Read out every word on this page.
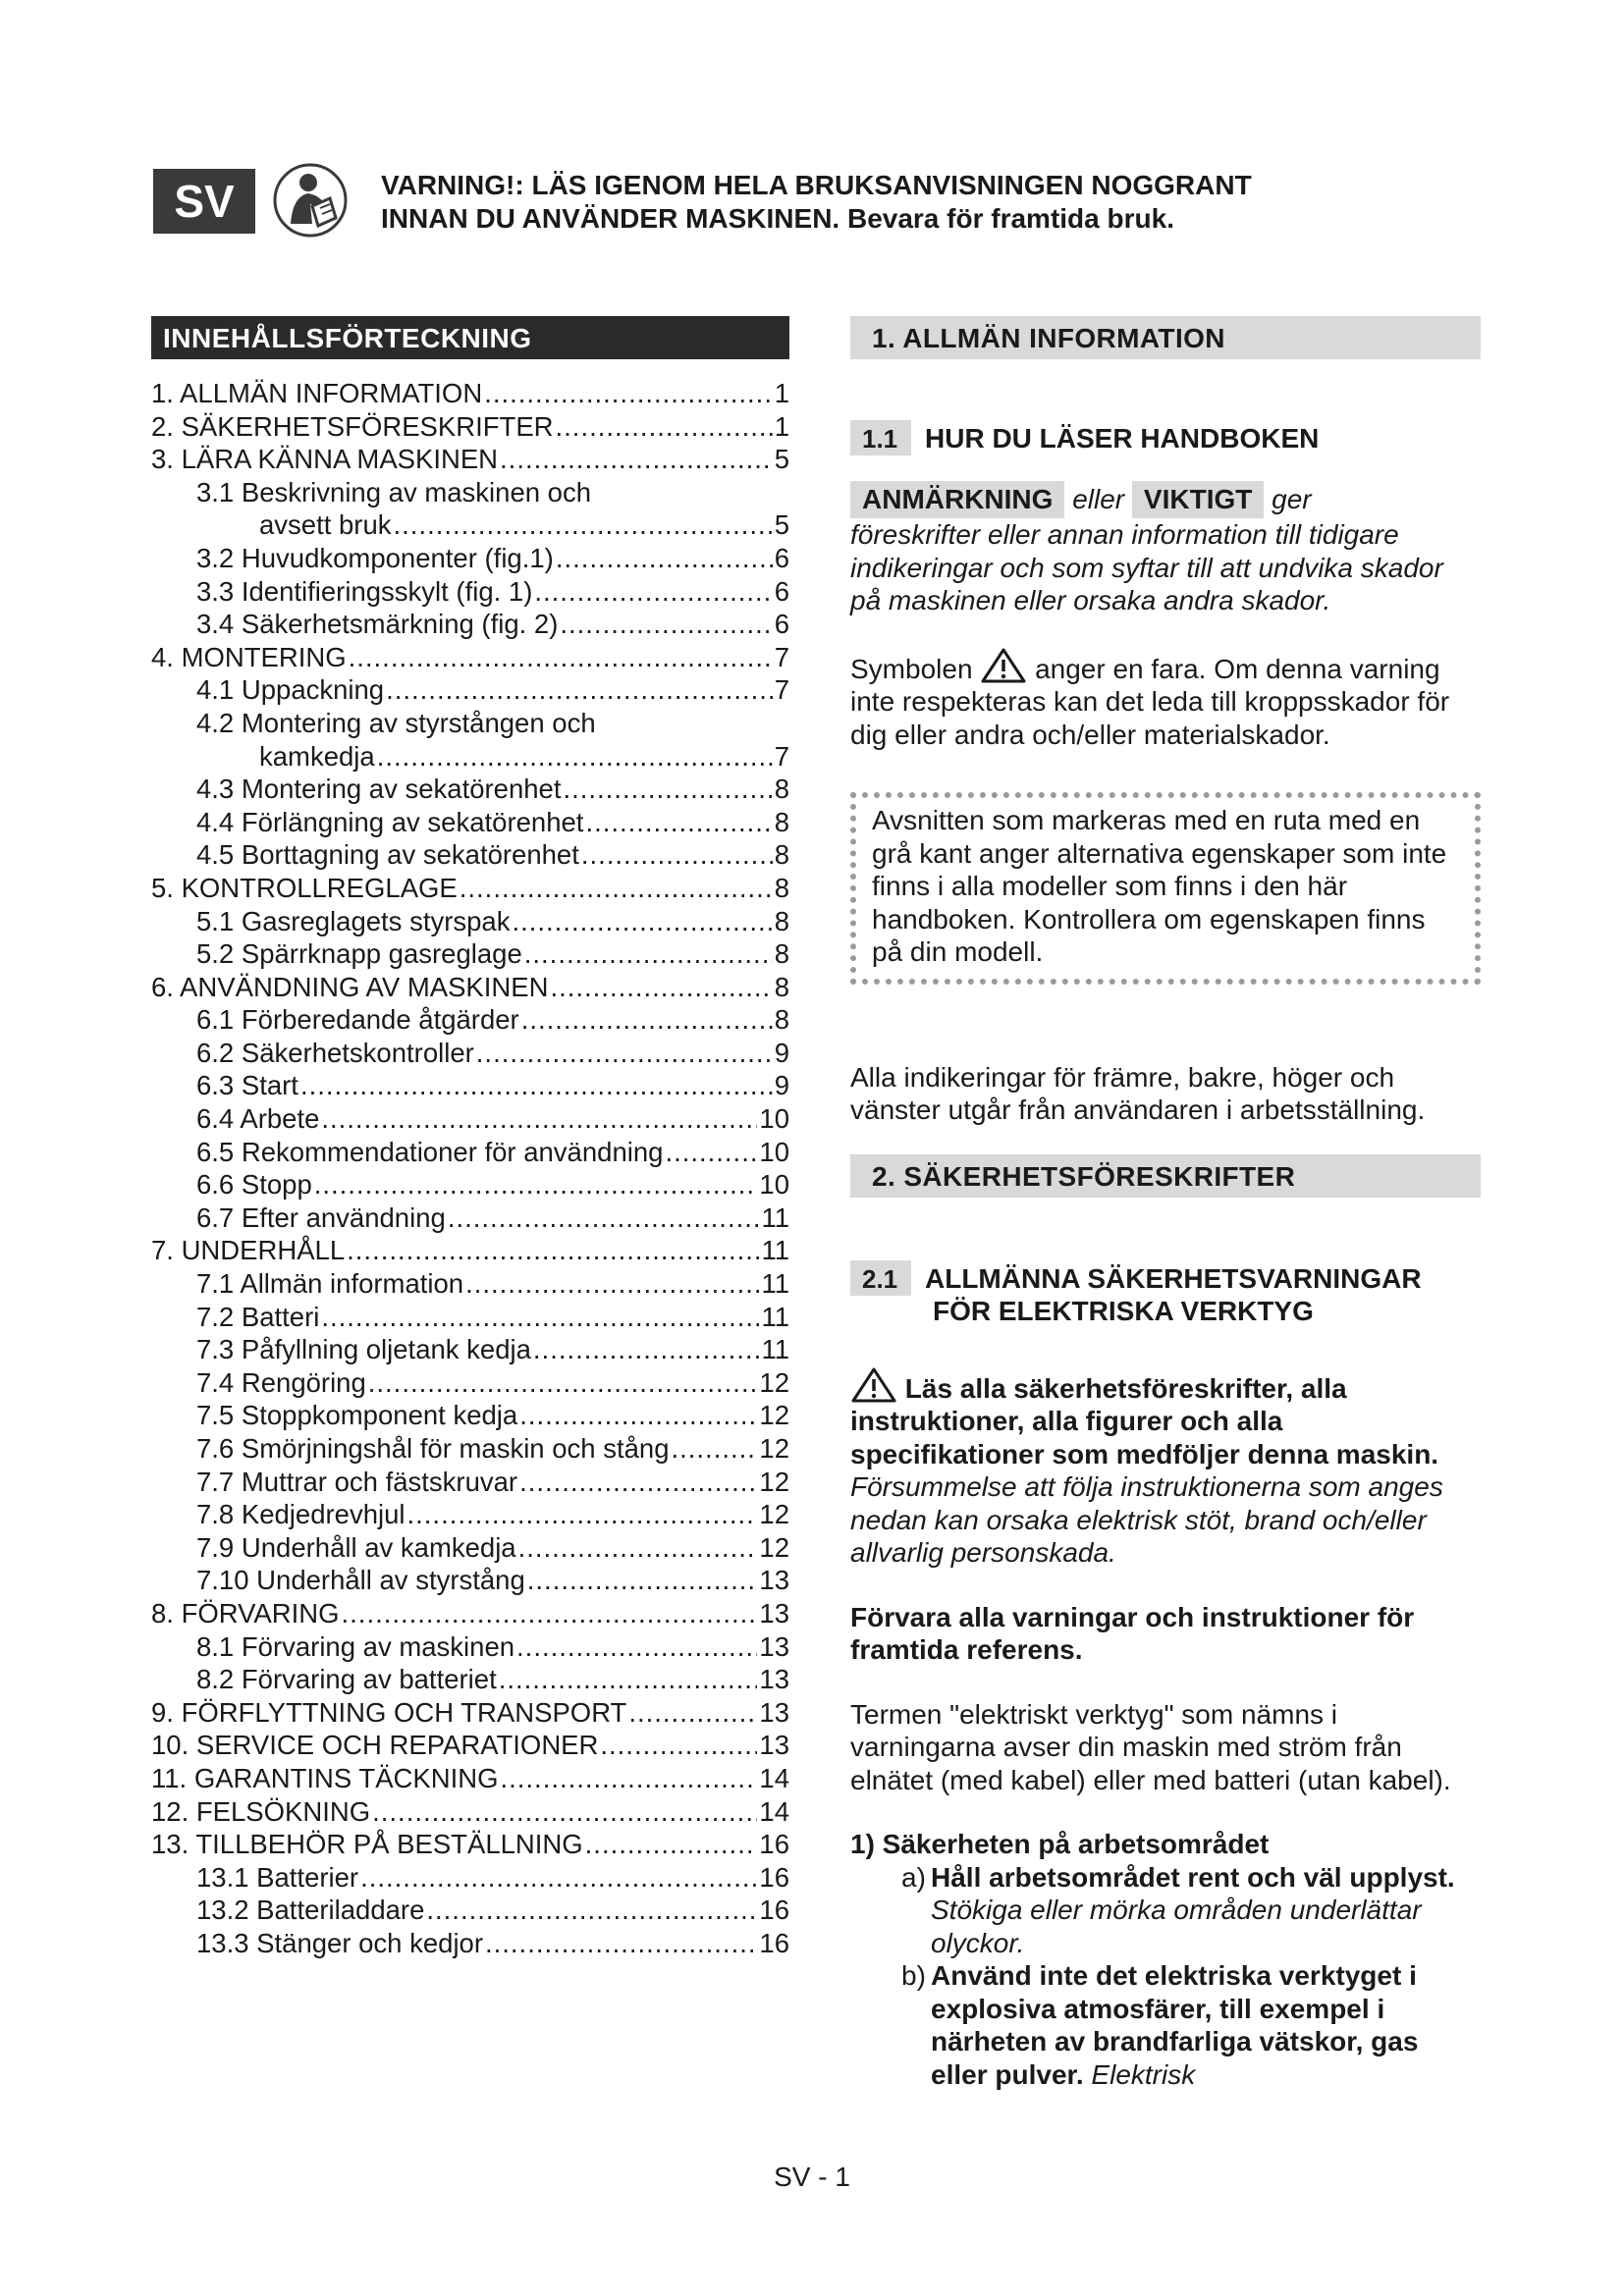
SV	VARNING!: LÄS IGENOM HELA BRUKSANVISNINGEN NOGGRANT
INNAN DU ANVÄNDER MASKINEN. Bevara för framtida bruk.
INNEHÅLLSFÖRTECKNING
1. ALLMÄN INFORMATION .....	1
2. SÄKERHETSFÖRESKRIFTER .....	1
3. LÄRA KÄNNA MASKINEN .....	5
3.1 Beskrivning av maskinen och
avsett bruk .....	5
3.2 Huvudkomponenter (fig.1) .....	6
3.3 Identifieringsskylt (fig. 1) .....	6
3.4 Säkerhetsmärkning (fig. 2) .....	6
4. MONTERING .....	7
4.1 Uppackning .....	7
4.2 Montering av styrstången och
kamkedja .....	7
4.3 Montering av sekatörenhet .....	8
4.4 Förlängning av sekatörenhet .....	8
4.5 Borttagning av sekatörenhet .....	8
5. KONTROLLREGLAGE .....	8
5.1 Gasreglagets styrspak .....	8
5.2 Spärrknapp gasreglage .....	8
6. ANVÄNDNING AV MASKINEN .....	8
6.1 Förberedande åtgärder .....	8
6.2 Säkerhetskontroller .....	9
6.3 Start .....	9
6.4 Arbete .....	10
6.5 Rekommendationer för användning .....	10
6.6 Stopp .....	10
6.7 Efter användning .....	11
7. UNDERHÅLL .....	11
7.1 Allmän information .....	11
7.2 Batteri .....	11
7.3 Påfyllning oljetank kedja .....	11
7.4 Rengöring .....	12
7.5 Stoppkomponent kedja .....	12
7.6 Smörjningshål för maskin och stång .....	12
7.7 Muttrar och fästskruvar .....	12
7.8 Kedjedrevhjul .....	12
7.9 Underhåll av kamkedja .....	12
7.10 Underhåll av styrstång .....	13
8. FÖRVARING .....	13
8.1 Förvaring av maskinen .....	13
8.2 Förvaring av batteriet .....	13
9. FÖRFLYTTNING OCH TRANSPORT .....	13
10. SERVICE OCH REPARATIONER .....	13
11. GARANTINS TÄCKNING .....	14
12. FELSÖKNING .....	14
13. TILLBEHÖR PÅ BESTÄLLNING .....	16
13.1 Batterier .....	16
13.2 Batteriladdare .....	16
13.3 Stänger och kedjor .....	16
1. ALLMÄN INFORMATION
1.1 HUR DU LÄSER HANDBOKEN
ANMÄRKNING eller VIKTIGT ger
föreskrifter eller annan information till tidigare indikeringar och som syftar till att undvika skador på maskinen eller orsaka andra skador.
Symbolen anger en fara. Om denna varning inte respekteras kan det leda till kroppsskador för dig eller andra och/eller materialskador.
Avsnitten som markeras med en ruta med en grå kant anger alternativa egenskaper som inte finns i alla modeller som finns i den här handboken. Kontrollera om egenskapen finns på din modell.
Alla indikeringar för främre, bakre, höger och vänster utgår från användaren i arbetsställning.
2. SÄKERHETSFÖRESKRIFTER
2.1 ALLMÄNNA SÄKERHETSVARNINGAR
FÖR ELEKTRISKA VERKTYG
Läs alla säkerhetsföreskrifter, alla instruktioner, alla figurer och alla specifikationer som medföljer denna maskin. Försummelse att följa instruktionerna som anges nedan kan orsaka elektrisk stöt, brand och/eller allvarlig personskada.
Förvara alla varningar och instruktioner för framtida referens.
Termen "elektriskt verktyg" som nämns i varningarna avser din maskin med ström från elnätet (med kabel) eller med batteri (utan kabel).
1) Säkerheten på arbetsområdet
a) Håll arbetsområdet rent och väl upplyst. Stökiga eller mörka områden underlättar olyckor.
b) Använd inte det elektriska verktyget i explosiva atmosfärer, till exempel i närheten av brandfarliga vätskor, gas eller pulver. Elektrisk
SV - 1
